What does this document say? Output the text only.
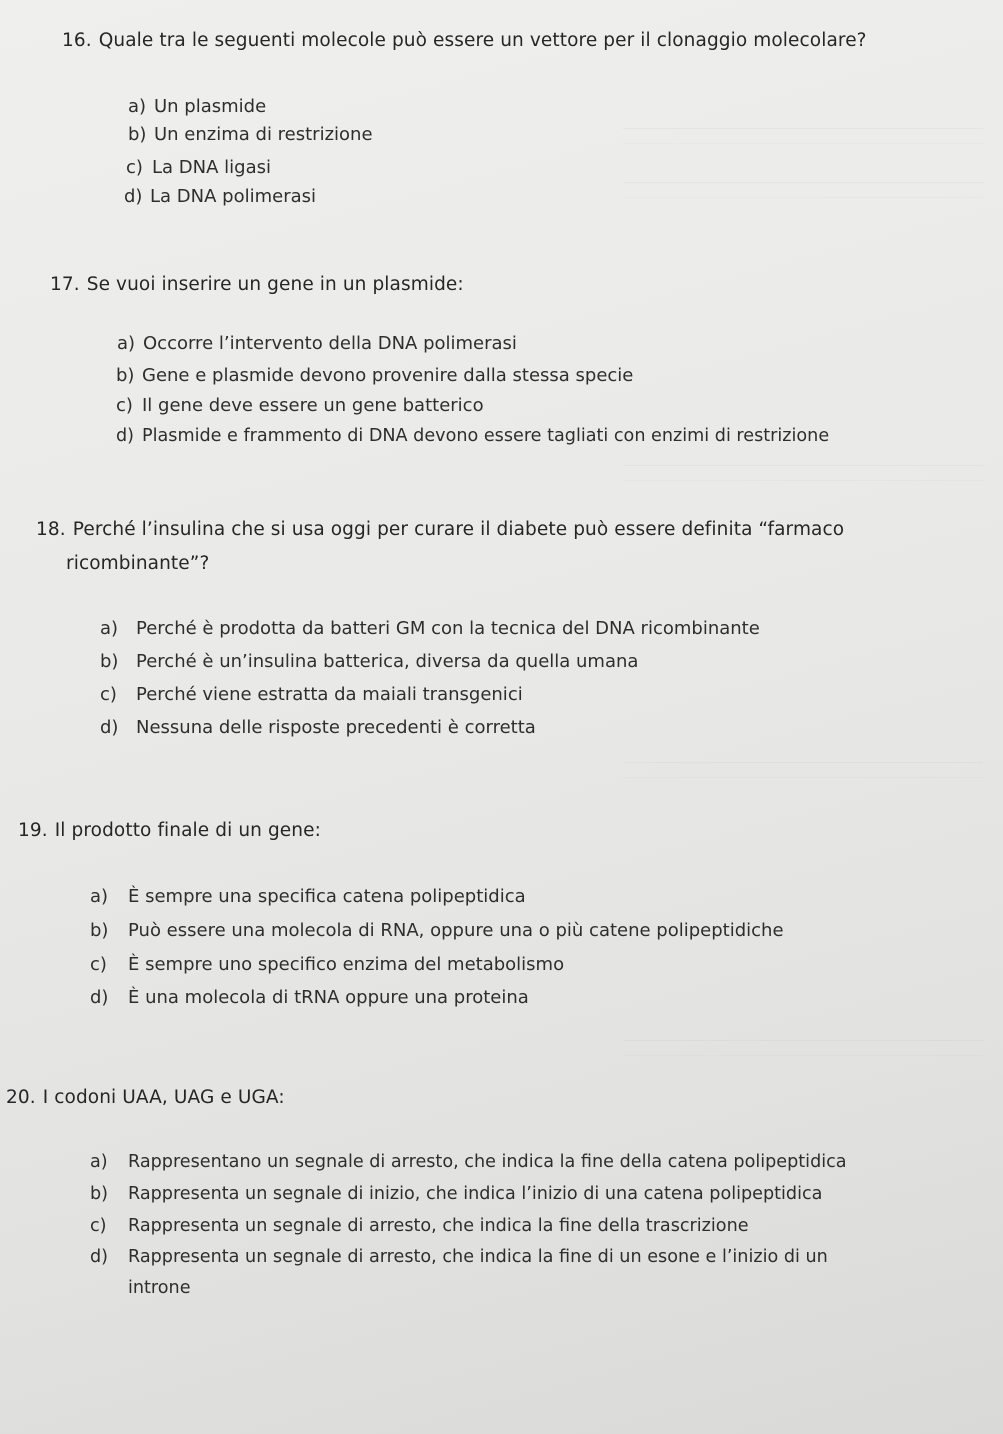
16. Quale tra le seguenti molecole può essere un vettore per il clonaggio molecolare?
a) Un plasmide
b) Un enzima di restrizione
c) La DNA ligasi
d) La DNA polimerasi
17. Se vuoi inserire un gene in un plasmide:
a) Occorre l’intervento della DNA polimerasi
b) Gene e plasmide devono provenire dalla stessa specie
c) Il gene deve essere un gene batterico
d) Plasmide e frammento di DNA devono essere tagliati con enzimi di restrizione
18. Perché l’insulina che si usa oggi per curare il diabete può essere definita “farmaco
ricombinante”?
a) Perché è prodotta da batteri GM con la tecnica del DNA ricombinante
b) Perché è un’insulina batterica, diversa da quella umana
c) Perché viene estratta da maiali transgenici
d) Nessuna delle risposte precedenti è corretta
19. Il prodotto finale di un gene:
a) È sempre una specifica catena polipeptidica
b) Può essere una molecola di RNA, oppure una o più catene polipeptidiche
c) È sempre uno specifico enzima del metabolismo
d) È una molecola di tRNA oppure una proteina
20. I codoni UAA, UAG e UGA:
a) Rappresentano un segnale di arresto, che indica la fine della catena polipeptidica
b) Rappresenta un segnale di inizio, che indica l’inizio di una catena polipeptidica
c) Rappresenta un segnale di arresto, che indica la fine della trascrizione
d) Rappresenta un segnale di arresto, che indica la fine di un esone e l’inizio di un
introne
